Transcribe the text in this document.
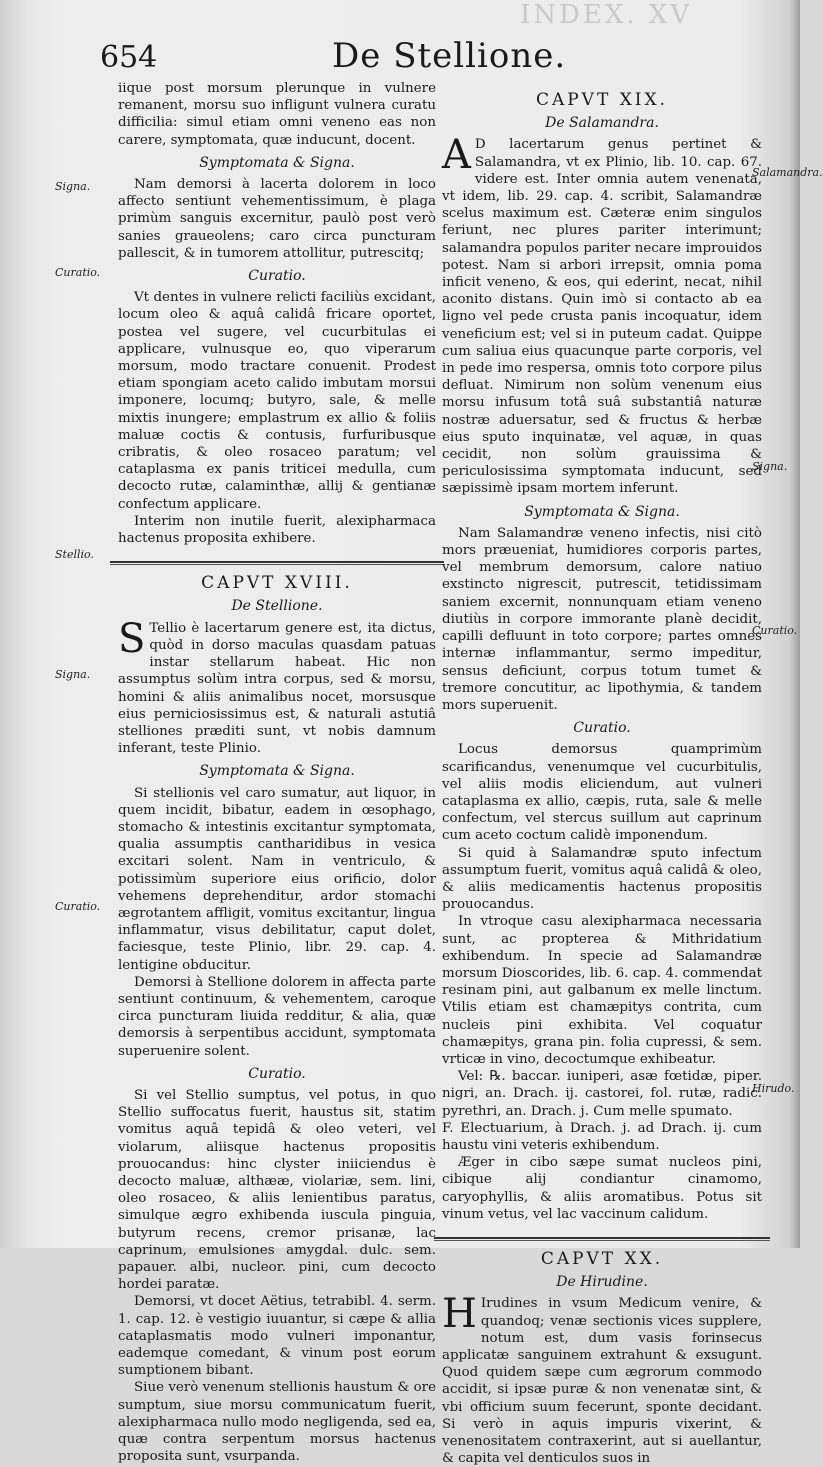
INDEX. XV
654	De Stellione.
Signa.
Curatio.
Stellio.
Signa.
Curatio.
Salamandra.
Signa.
Curatio.
Hirudo.

iique post morsum plerunque in vulnere remanent, morsu suo infligunt vulnera curatu difficilia: simul etiam omni veneno eas non carere, symptomata, quæ inducunt, docent.

Symptomata & Signa.

Nam demorsi à lacerta dolorem in loco affecto sentiunt vehementissimum, è plaga primùm sanguis excernitur, paulò post verò sanies graueolens; caro circa puncturam pallescit, & in tumorem attollitur, putrescitq;

Curatio.

Vt dentes in vulnere relicti faciliùs excidant, locum oleo & aquâ calidâ fricare oportet, postea vel sugere, vel cucurbitulas ei applicare, vulnusque eo, quo viperarum morsum, modo tractare conuenit. Prodest etiam spongiam aceto calido imbutam morsui imponere, locumq; butyro, sale, & melle mixtis inungere; emplastrum ex allio & foliis maluæ coctis & contusis, furfuribusque cribratis, & oleo rosaceo paratum; vel cataplasma ex panis triticei medulla, cum decocto rutæ, calaminthæ, allij & gentianæ confectum applicare.

Interim non inutile fuerit, alexipharmaca hactenus proposita exhibere.

CAPVT XVIII.
De Stellione.
S Tellio è lacertarum genere est, ita dictus, quòd in dorso maculas quasdam patuas instar stellarum habeat. Hic non assumptus solùm intra corpus, sed & morsu, homini & aliis animalibus nocet, morsusque eius perniciosissimus est, & naturali astutiâ stelliones præditi sunt, vt nobis damnum inferant, teste Plinio.
Symptomata & Signa.

Si stellionis vel caro sumatur, aut liquor, in quem incidit, bibatur, eadem in œsophago, stomacho & intestinis excitantur symptomata, qualia assumptis cantharidibus in vesica excitari solent. Nam in ventriculo, & potissimùm superiore eius orificio, dolor vehemens deprehenditur, ardor stomachi ægrotantem affligit, vomitus excitantur, lingua inflammatur, visus debilitatur, caput dolet, faciesque, teste Plinio, libr. 29. cap. 4. lentigine obducitur.

Demorsi à Stellione dolorem in affecta parte sentiunt continuum, & vehementem, caroque circa puncturam liuida redditur, & alia, quæ demorsis à serpentibus accidunt, symptomata superuenire solent.

Curatio.

Si vel Stellio sumptus, vel potus, in quo Stellio suffocatus fuerit, haustus sit, statim vomitus aquâ tepidâ & oleo veteri, vel violarum, aliisque hactenus propositis prouocandus: hinc clyster iniiciendus è decocto maluæ, althææ, violariæ, sem. lini, oleo rosaceo, & aliis lenientibus paratus, simulque ægro exhibenda iuscula pinguia, butyrum recens, cremor prisanæ, lac caprinum, emulsiones amygdal. dulc. sem. papauer. albi, nucleor. pini, cum decocto hordei paratæ.

Demorsi, vt docet Aëtius, tetrabibl. 4. serm. 1. cap. 12. è vestigio iuuantur, si cæpe & allia cataplasmatis modo vulneri imponantur, eademque comedant, & vinum post eorum sumptionem bibant.

Siue verò venenum stellionis haustum & ore sumptum, siue morsu communicatum fuerit, alexipharmaca nullo modo negligenda, sed ea, quæ contra serpentum morsus hactenus proposita sunt, vsurpanda.

CAPVT XIX.
De Salamandra.
A D lacertarum genus pertinet & Salamandra, vt ex Plinio, lib. 10. cap. 67. videre est. Inter omnia autem venenata, vt idem, lib. 29. cap. 4. scribit, Salamandræ scelus maximum est. Cæteræ enim singulos feriunt, nec plures pariter interimunt; salamandra populos pariter necare improuidos potest. Nam si arbori irrepsit, omnia poma inficit veneno, & eos, qui ederint, necat, nihil aconito distans. Quin imò si contacto ab ea ligno vel pede crusta panis incoquatur, idem veneficium est; vel si in puteum cadat. Quippe cum saliua eius quacunque parte corporis, vel in pede imo respersa, omnis toto corpore pilus defluat. Nimirum non solùm venenum eius morsu infusum totâ suâ substantiâ naturæ nostræ aduersatur, sed & fructus & herbæ eius sputo inquinatæ, vel aquæ, in quas cecidit, non solùm grauissima & periculosissima symptomata inducunt, sed sæpissimè ipsam mortem inferunt.
Symptomata & Signa.

Nam Salamandræ veneno infectis, nisi citò mors præueniat, humidiores corporis partes, vel membrum demorsum, calore natiuo exstincto nigrescit, putrescit, tetidissimam saniem excernit, nonnunquam etiam veneno diutiùs in corpore immorante planè decidit, capilli defluunt in toto corpore; partes omnes internæ inflammantur, sermo impeditur, sensus deficiunt, corpus totum tumet & tremore concutitur, ac lipothymia, & tandem mors superuenit.

Curatio.

Locus demorsus quamprimùm scarificandus, venenumque vel cucurbitulis, vel aliis modis eliciendum, aut vulneri cataplasma ex allio, cæpis, ruta, sale & melle confectum, vel stercus suillum aut caprinum cum aceto coctum calidè imponendum.

Si quid à Salamandræ sputo infectum assumptum fuerit, vomitus aquâ calidâ & oleo, & aliis medicamentis hactenus propositis prouocandus.

In vtroque casu alexipharmaca necessaria sunt, ac propterea & Mithridatium exhibendum. In specie ad Salamandræ morsum Dioscorides, lib. 6. cap. 4. commendat resinam pini, aut galbanum ex melle linctum. Vtilis etiam est chamæpitys contrita, cum nucleis pini exhibita. Vel coquatur chamæpitys, grana pin. folia cupressi, & sem. vrticæ in vino, decoctumque exhibeatur.

Vel: ℞. baccar. iuniperi, asæ fœtidæ, piper. nigri, an. Drach. ij. castorei, fol. rutæ, radic. pyrethri, an. Drach. j. Cum melle spumato.

F. Electuarium, à Drach. j. ad Drach. ij. cum haustu vini veteris exhibendum.

Æger in cibo sæpe sumat nucleos pini, cibique alij condiantur cinamomo, caryophyllis, & aliis aromatibus. Potus sit vinum vetus, vel lac vaccinum calidum.

CAPVT XX.
De Hirudine.
H Irudines in vsum Medicum venire, & quandoq; venæ sectionis vices supplere, notum est, dum vasis forinsecus applicatæ sanguinem extrahunt & exsugunt. Quod quidem sæpe cum ægrorum commodo accidit, si ipsæ puræ & non venenatæ sint, & vbi officium suum fecerunt, sponte decidant. Si verò in aquis impuris vixerint, & venenositatem contraxerint, aut si auellantur, & capita vel denticulos suos in
